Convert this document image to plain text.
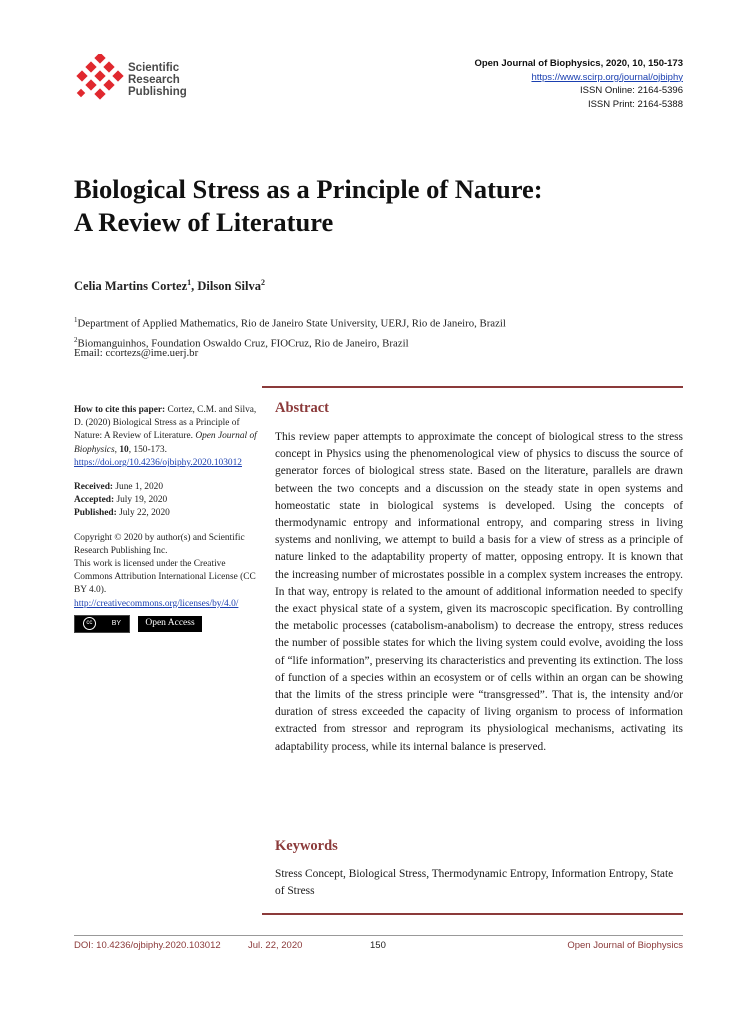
Scientific
Research
Publishing
Open Journal of Biophysics, 2020, 10, 150-173
https://www.scirp.org/journal/ojbiphy
ISSN Online: 2164-5396
ISSN Print: 2164-5388
Biological Stress as a Principle of Nature:
A Review of Literature
Celia Martins Cortez$^1$, Dilson Silva$^2$
$^1$Department of Applied Mathematics, Rio de Janeiro State University, UERJ, Rio de Janeiro, Brazil
$^2$Biomanguinhos, Foundation Oswaldo Cruz, FIOCruz, Rio de Janeiro, Brazil
Email: ccortezs@ime.uerj.br
How to cite this paper: Cortez, C.M. and Silva, D. (2020) Biological Stress as a Principle of Nature: A Review of Literature. Open Journal of Biophysics, 10, 150-173.
https://doi.org/10.4236/ojbiphy.2020.103012
Received: June 1, 2020
Accepted: July 19, 2020
Published: July 22, 2020
Copyright © 2020 by author(s) and Scientific Research Publishing Inc.
This work is licensed under the Creative Commons Attribution International License (CC BY 4.0).
http://creativecommons.org/licenses/by/4.0/
cc	BY	Open Access
Abstract
This review paper attempts to approximate the concept of biological stress to the stress concept in Physics using the phenomenological view of physics to discuss the source of generator forces of biological stress state. Based on the literature, parallels are drawn between the two concepts and a discussion on the steady state in open systems and homeostatic state in biological systems is developed. Using the concepts of thermodynamic entropy and informational entropy, and comparing stress in living systems and nonliving, we attempt to build a basis for a view of stress as a principle of nature linked to the adaptability property of matter, opposing entropy. It is known that the increasing number of microstates possible in a complex system increases the entropy. In that way, entropy is related to the amount of additional information needed to specify the exact physical state of a system, given its macroscopic specification. By controlling the metabolic processes (catabolism-anabolism) to decrease the entropy, stress reduces the number of possible states for which the living system could evolve, avoiding the loss of “life information”, preserving its characteristics and preventing its extinction. The loss of function of a species within an ecosystem or of cells within an organ can be showing that the limits of the stress principle were “transgressed”. That is, the intensity and/or duration of stress exceeded the capacity of living organism to process of information extracted from stressor and reprogram its physiological mechanisms, activating its adaptability process, while its internal balance is preserved.
Keywords
Stress Concept, Biological Stress, Thermodynamic Entropy, Information Entropy, State of Stress
DOI: 10.4236/ojbiphy.2020.103012	Jul. 22, 2020	150	Open Journal of Biophysics
